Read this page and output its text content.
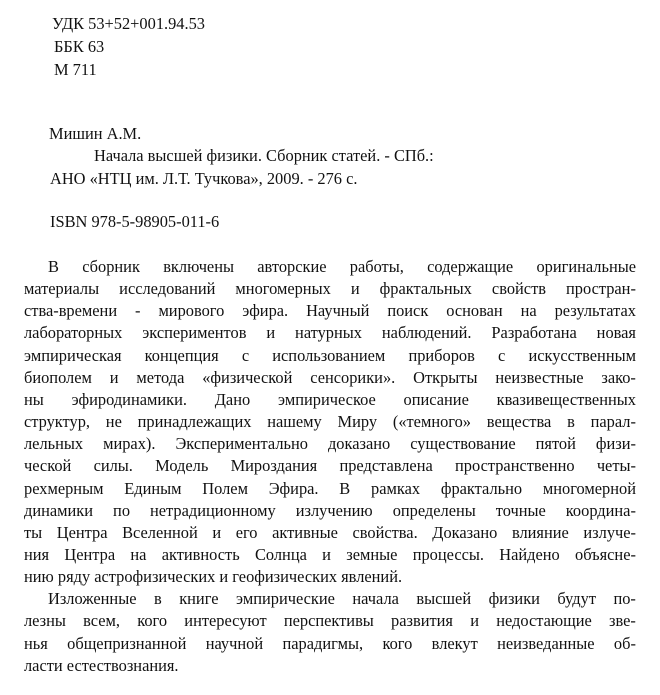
УДК 53+52+001.94.53
ББК 63
М 711
Мишин А.М.
Начала высшей физики. Сборник статей. - СПб.:
АНО «НТЦ им. Л.Т. Тучкова», 2009. - 276 с.
ISBN 978-5-98905-011-6
В сборник включены авторские работы, содержащие оригинальные
материалы исследований многомерных и фрактальных свойств простран-
ства-времени - мирового эфира. Научный поиск основан на результатах
лабораторных экспериментов и натурных наблюдений. Разработана новая
эмпирическая концепция с использованием приборов с искусственным
биополем и метода «физической сенсорики». Открыты неизвестные зако-
ны эфиродинамики. Дано эмпирическое описание квазивещественных
структур, не принадлежащих нашему Миру («темного» вещества в парал-
лельных мирах). Экспериментально доказано существование пятой физи-
ческой силы. Модель Мироздания представлена пространственно четы-
рехмерным Единым Полем Эфира. В рамках фрактально многомерной
динамики по нетрадиционному излучению определены точные координа-
ты Центра Вселенной и его активные свойства. Доказано влияние излуче-
ния Центра на активность Солнца и земные процессы. Найдено объясне-
нию ряду астрофизических и геофизических явлений.
Изложенные в книге эмпирические начала высшей физики будут по-
лезны всем, кого интересуют перспективы развития и недостающие зве-
нья общепризнанной научной парадигмы, кого влекут неизведанные об-
ласти естествознания.
